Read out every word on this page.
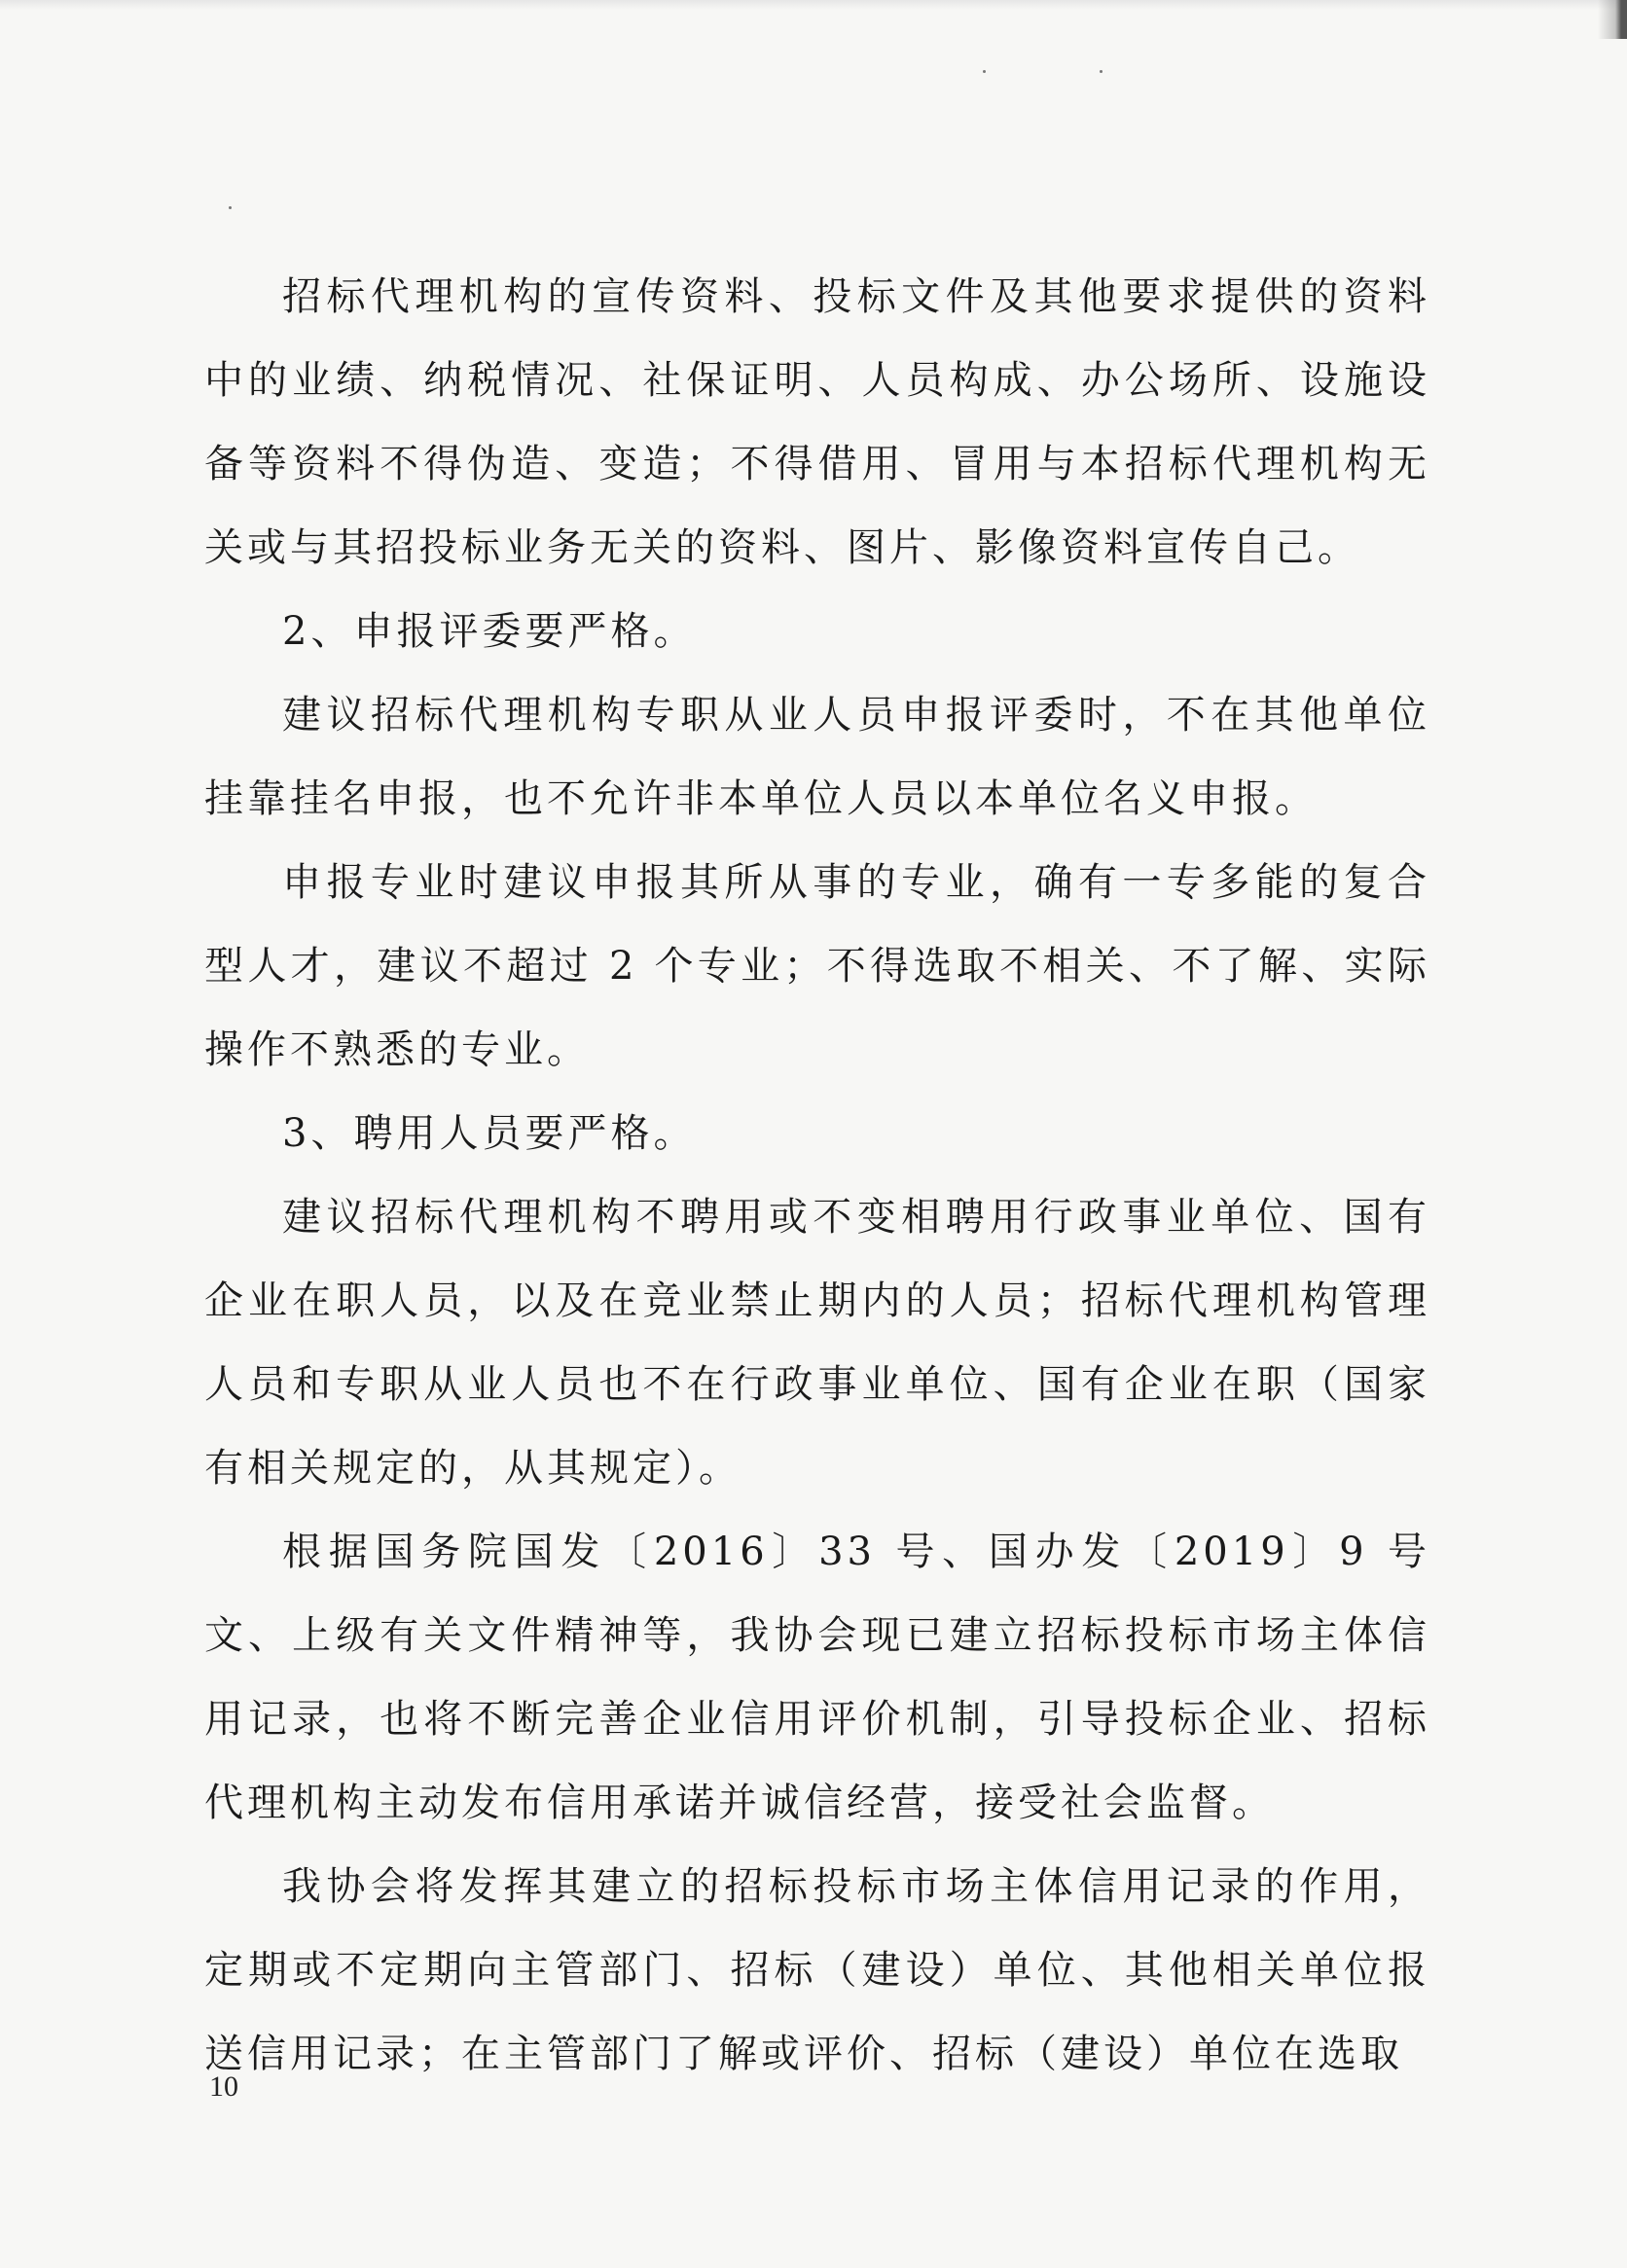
招标代理机构的宣传资料、投标文件及其他要求提供的资料中的业绩、纳税情况、社保证明、人员构成、办公场所、设施设备等资料不得伪造、变造；不得借用、冒用与本招标代理机构无关或与其招投标业务无关的资料、图片、影像资料宣传自己。

2、申报评委要严格。

建议招标代理机构专职从业人员申报评委时，不在其他单位挂靠挂名申报，也不允许非本单位人员以本单位名义申报。

申报专业时建议申报其所从事的专业，确有一专多能的复合型人才，建议不超过 2 个专业；不得选取不相关、不了解、实际操作不熟悉的专业。

3、聘用人员要严格。

建议招标代理机构不聘用或不变相聘用行政事业单位、国有企业在职人员，以及在竞业禁止期内的人员；招标代理机构管理人员和专职从业人员也不在行政事业单位、国有企业在职（国家有相关规定的，从其规定）。

根据国务院国发〔2016〕33 号、国办发〔2019〕9 号文、上级有关文件精神等，我协会现已建立招标投标市场主体信用记录，也将不断完善企业信用评价机制，引导投标企业、招标代理机构主动发布信用承诺并诚信经营，接受社会监督。

我协会将发挥其建立的招标投标市场主体信用记录的作用，定期或不定期向主管部门、招标（建设）单位、其他相关单位报送信用记录；在主管部门了解或评价、招标（建设）单位在选取

10
